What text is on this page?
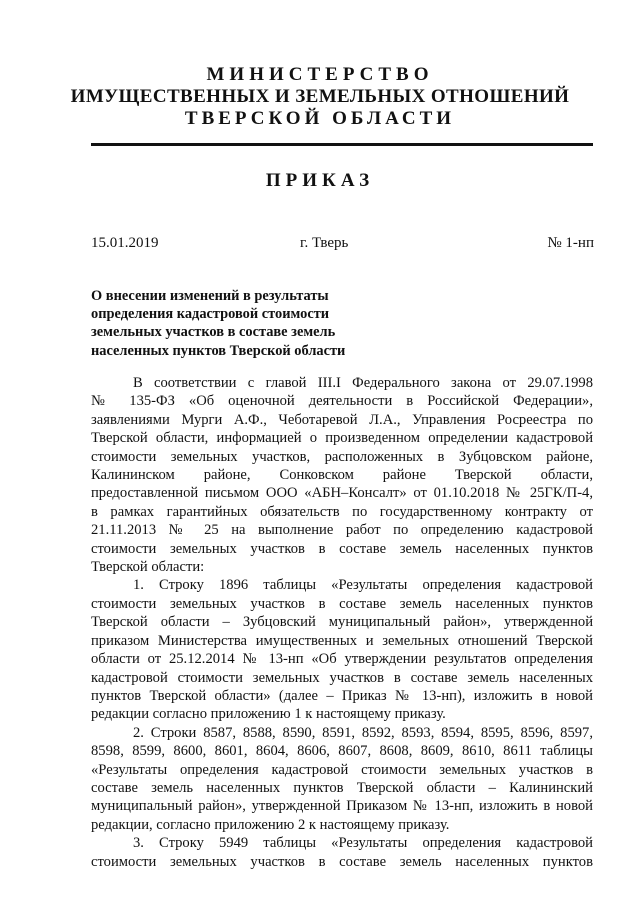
МИНИСТЕРСТВО
ИМУЩЕСТВЕННЫХ И ЗЕМЕЛЬНЫХ ОТНОШЕНИЙ
ТВЕРСКОЙ ОБЛАСТИ
ПРИКАЗ
15.01.2019	г. Тверь	№ 1-нп
О внесении изменений в результаты
определения кадастровой стоимости
земельных участков в составе земель
населенных пунктов Тверской области
В соответствии с главой III.I Федерального закона от 29.07.1998
№ 135-ФЗ «Об оценочной деятельности в Российской Федерации»,
заявлениями Мурги А.Ф., Чеботаревой Л.А., Управления Росреестра по
Тверской области, информацией о произведенном определении кадастровой
стоимости земельных участков, расположенных в Зубцовском районе,
Калининском районе, Сонковском районе Тверской области,
предоставленной письмом ООО «АБН–Консалт» от 01.10.2018 № 25ГК/П-4,
в рамках гарантийных обязательств по государственному контракту от
21.11.2013 № 25 на выполнение работ по определению кадастровой
стоимости земельных участков в составе земель населенных пунктов
Тверской области:
1. Строку 1896 таблицы «Результаты определения кадастровой
стоимости земельных участков в составе земель населенных пунктов
Тверской области – Зубцовский муниципальный район», утвержденной
приказом Министерства имущественных и земельных отношений Тверской
области от 25.12.2014 № 13-нп «Об утверждении результатов определения
кадастровой стоимости земельных участков в составе земель населенных
пунктов Тверской области» (далее – Приказ № 13-нп), изложить в новой
редакции согласно приложению 1 к настоящему приказу.
2. Строки 8587, 8588, 8590, 8591, 8592, 8593, 8594, 8595, 8596, 8597,
8598, 8599, 8600, 8601, 8604, 8606, 8607, 8608, 8609, 8610, 8611 таблицы
«Результаты определения кадастровой стоимости земельных участков в
составе земель населенных пунктов Тверской области – Калининский
муниципальный район», утвержденной Приказом № 13-нп, изложить в новой
редакции, согласно приложению 2 к настоящему приказу.
3. Строку 5949 таблицы «Результаты определения кадастровой
стоимости земельных участков в составе земель населенных пунктов
